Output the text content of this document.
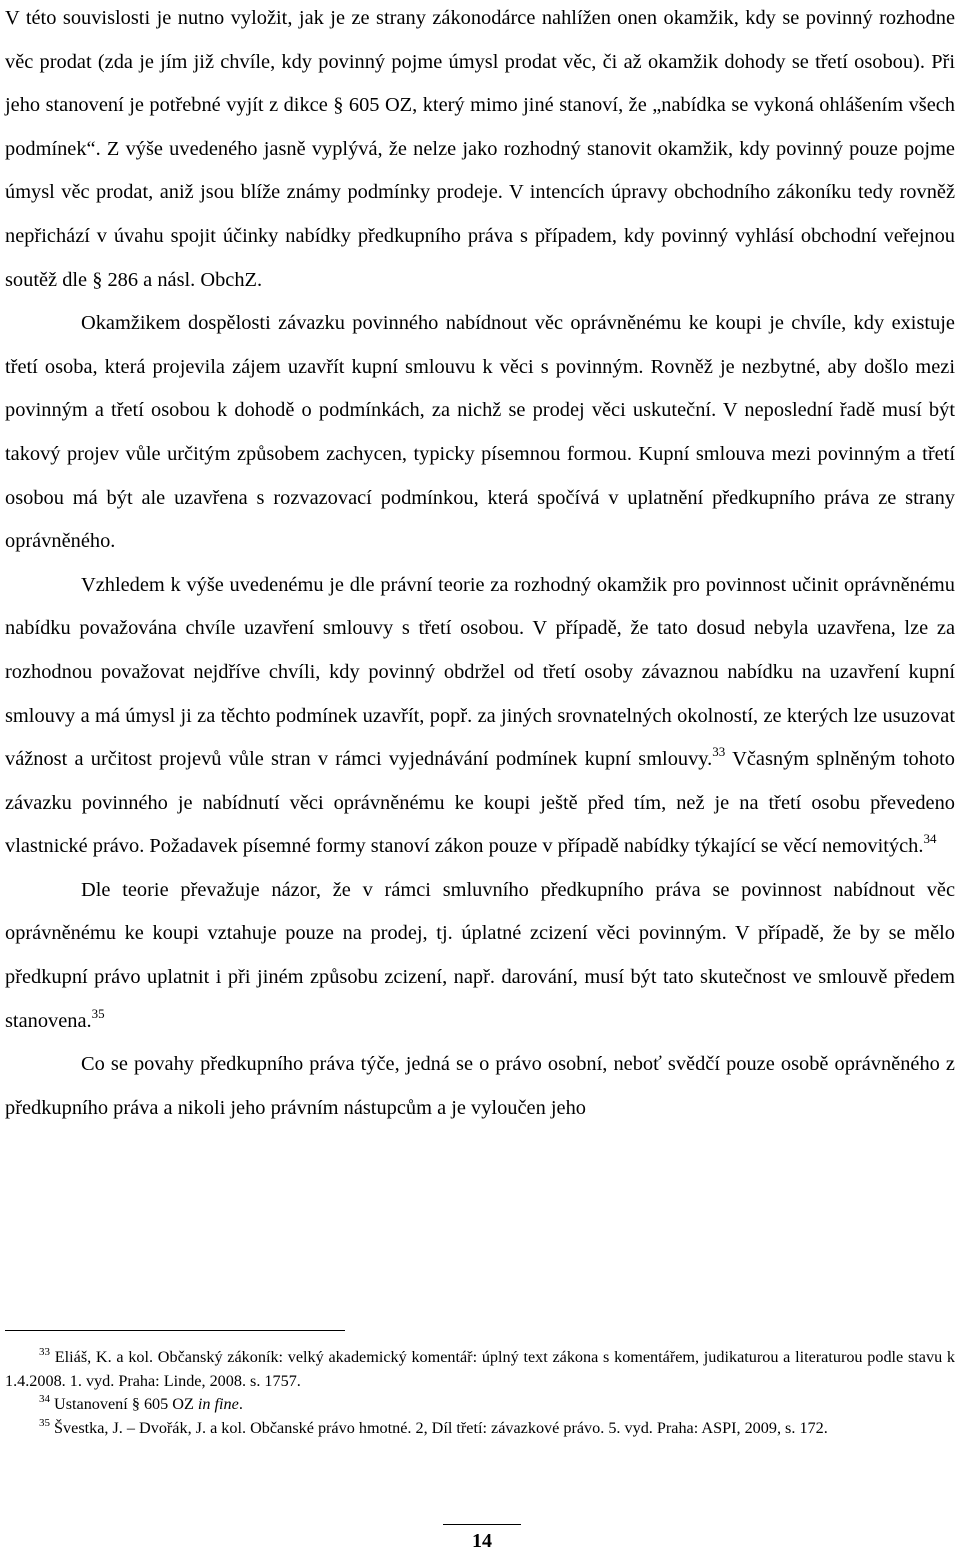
V této souvislosti je nutno vyložit, jak je ze strany zákonodárce nahlížen onen okamžik, kdy se povinný rozhodne věc prodat (zda je jím již chvíle, kdy povinný pojme úmysl prodat věc, či až okamžik dohody se třetí osobou). Při jeho stanovení je potřebné vyjít z dikce § 605 OZ, který mimo jiné stanoví, že „nabídka se vykoná ohlášením všech podmínek“. Z výše uvedeného jasně vyplývá, že nelze jako rozhodný stanovit okamžik, kdy povinný pouze pojme úmysl věc prodat, aniž jsou blíže známy podmínky prodeje. V intencích úpravy obchodního zákoníku tedy rovněž nepřichází v úvahu spojit účinky nabídky předkupního práva s případem, kdy povinný vyhlásí obchodní veřejnou soutěž dle § 286 a násl. ObchZ.

Okamžikem dospělosti závazku povinného nabídnout věc oprávněnému ke koupi je chvíle, kdy existuje třetí osoba, která projevila zájem uzavřít kupní smlouvu k věci s povinným. Rovněž je nezbytné, aby došlo mezi povinným a třetí osobou k dohodě o podmínkách, za nichž se prodej věci uskuteční. V neposlední řadě musí být takový projev vůle určitým způsobem zachycen, typicky písemnou formou. Kupní smlouva mezi povinným a třetí osobou má být ale uzavřena s rozvazovací podmínkou, která spočívá v uplatnění předkupního práva ze strany oprávněného.

Vzhledem k výše uvedenému je dle právní teorie za rozhodný okamžik pro povinnost učinit oprávněnému nabídku považována chvíle uzavření smlouvy s třetí osobou. V případě, že tato dosud nebyla uzavřena, lze za rozhodnou považovat nejdříve chvíli, kdy povinný obdržel od třetí osoby závaznou nabídku na uzavření kupní smlouvy a má úmysl ji za těchto podmínek uzavřít, popř. za jiných srovnatelných okolností, ze kterých lze usuzovat vážnost a určitost projevů vůle stran v rámci vyjednávání podmínek kupní smlouvy.$^{33}$ Včasným splněným tohoto závazku povinného je nabídnutí věci oprávněnému ke koupi ještě před tím, než je na třetí osobu převedeno vlastnické právo. Požadavek písemné formy stanoví zákon pouze v případě nabídky týkající se věcí nemovitých.$^{34}$

Dle teorie převažuje názor, že v rámci smluvního předkupního práva se povinnost nabídnout věc oprávněnému ke koupi vztahuje pouze na prodej, tj. úplatné zcizení věci povinným. V případě, že by se mělo předkupní právo uplatnit i při jiném způsobu zcizení, např. darování, musí být tato skutečnost ve smlouvě předem stanovena.$^{35}$

Co se povahy předkupního práva týče, jedná se o právo osobní, neboť svědčí pouze osobě oprávněného z předkupního práva a nikoli jeho právním nástupcům a je vyloučen jeho

$^{33}$ Eliáš, K. a kol. Občanský zákoník: velký akademický komentář: úplný text zákona s komentářem, judikaturou a literaturou podle stavu k 1.4.2008. 1. vyd. Praha: Linde, 2008. s. 1757.

$^{34}$ Ustanovení § 605 OZ in fine.

$^{35}$ Švestka, J. – Dvořák, J. a kol. Občanské právo hmotné. 2, Díl třetí: závazkové právo. 5. vyd. Praha: ASPI, 2009, s. 172.

14
